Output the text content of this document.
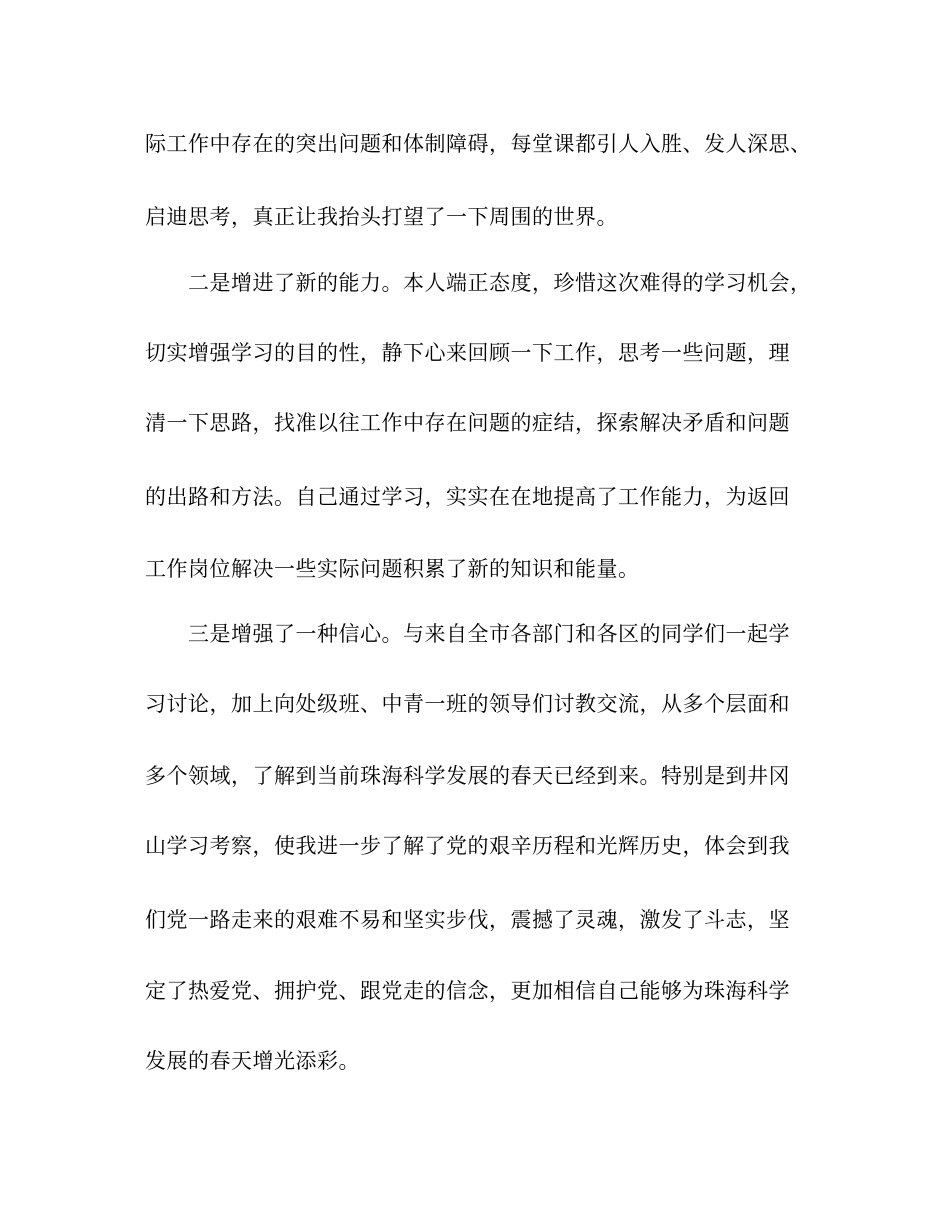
际工作中存在的突出问题和体制障碍，每堂课都引人入胜、发人深思、
启迪思考，真正让我抬头打望了一下周围的世界。
二是增进了新的能力。本人端正态度，珍惜这次难得的学习机会，
切实增强学习的目的性，静下心来回顾一下工作，思考一些问题，理
清一下思路，找准以往工作中存在问题的症结，探索解决矛盾和问题
的出路和方法。自己通过学习，实实在在地提高了工作能力，为返回
工作岗位解决一些实际问题积累了新的知识和能量。
三是增强了一种信心。与来自全市各部门和各区的同学们一起学
习讨论，加上向处级班、中青一班的领导们讨教交流，从多个层面和
多个领域，了解到当前珠海科学发展的春天已经到来。特别是到井冈
山学习考察，使我进一步了解了党的艰辛历程和光辉历史，体会到我
们党一路走来的艰难不易和坚实步伐，震撼了灵魂，激发了斗志，坚
定了热爱党、拥护党、跟党走的信念，更加相信自己能够为珠海科学
发展的春天增光添彩。
